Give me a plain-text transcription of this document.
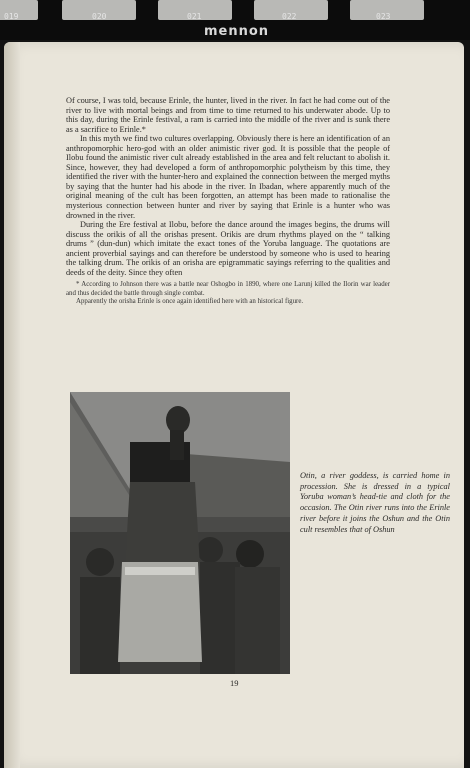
019	020	021	022	023
mennon

Of course, I was told, because Erinle, the hunter, lived in the river. In fact he had come out of the river to live with mortal beings and from time to time returned to his underwater abode. Up to this day, during the Erinle festival, a ram is carried into the middle of the river and is sunk there as a sacrifice to Erinle.*

In this myth we find two cultures overlapping. Obviously there is here an identification of an anthropomorphic hero-god with an older animistic river god. It is possible that the people of Ilobu found the animistic river cult already established in the area and felt reluctant to abolish it. Since, however, they had developed a form of anthropomorphic polytheism by this time, they identified the river with the hunter-hero and explained the connection between the merged myths by saying that the hunter had his abode in the river. In Ibadan, where apparently much of the original meaning of the cult has been forgotten, an attempt has been made to rationalise the mysterious connection between hunter and river by saying that Erinle is a hunter who was drowned in the river.

During the Ere festival at Ilobu, before the dance around the images begins, the drums will discuss the orikis of all the orishas present. Orikis are drum rhythms played on the “ talking drums ” (dun-dun) which imitate the exact tones of the Yoruba language. The quotations are ancient proverbial sayings and can therefore be understood by someone who is used to hearing the talking drum. The orikis of an orisha are epigrammatic sayings referring to the qualities and deeds of the deity. Since they often

* According to Johnson there was a battle near Oshogbo in 1890, where one Larunj killed the Ilorin war leader and thus decided the battle through single combat.

Apparently the orisha Erinle is once again identified here with an historical figure.

Otin, a river goddess, is carried home in procession. She is dressed in a typical Yoruba woman’s head-tie and cloth for the occasion. The Otin river runs into the Erinle river before it joins the Oshun and the Otin cult resembles that of Oshun
19
